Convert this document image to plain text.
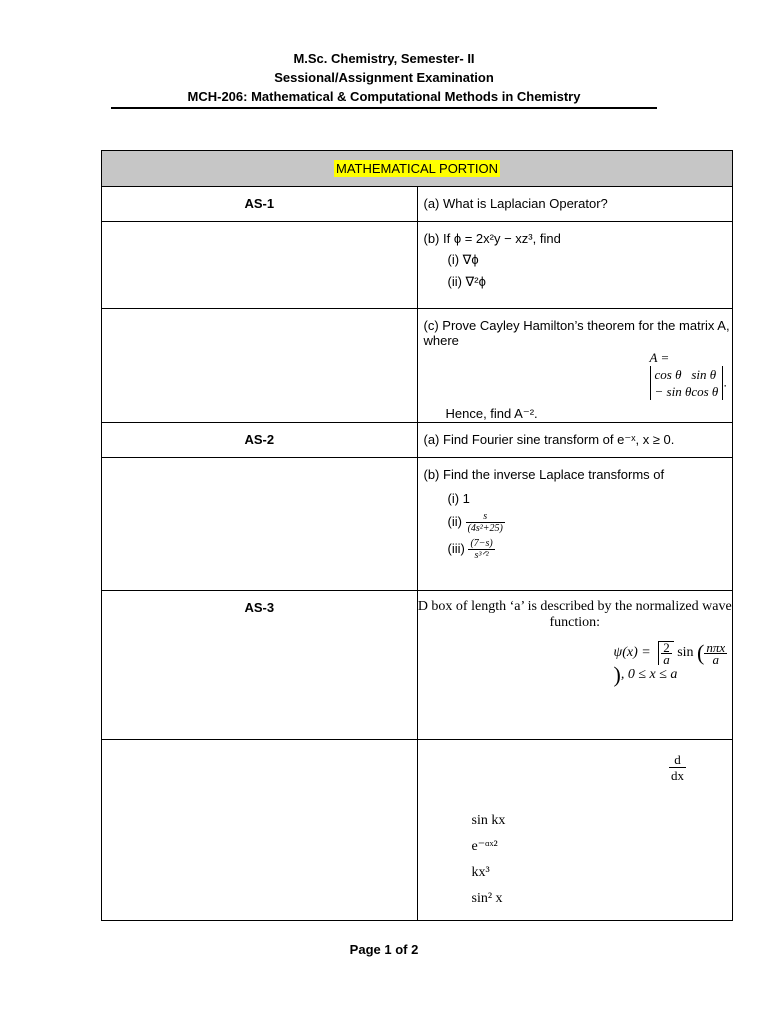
M.Sc. Chemistry, Semester- II
Sessional/Assignment Examination
MCH-206: Mathematical & Computational Methods in Chemistry
MATHEMATICAL PORTION

AS-1	(a) What is Laplacian Operator?

(b) If ϕ = 2x²y − xz³, find
(i) ∇ϕ
(ii) ∇²ϕ

(c) Prove Cayley Hamilton’s theorem for the matrix A, where
A =
cos θ	sin θ
− sin θ	cos θ
.
Hence, find A⁻².

AS-2	(a) Find Fourier sine transform of e⁻ˣ, x ≥ 0.

(b) Find the inverse Laplace transforms of
(i) 1
$(ii) \frac{s}{\text{(4s²+25)}}$
$(iii) \frac{(7-s)}{\text{s³ᐟ²}}$

AS-3	D box of length ‘a’ is described by the normalized wave function:
$\psi(x) = \frac{2}{a}$ sin ( $\frac{\text{nπx}}{a}$
), 0 ≤ x ≤ a

$\frac{d}{dx}$
sin kx
e⁻ᵅˣ²
kx³
sin² x
Page 1 of 2
